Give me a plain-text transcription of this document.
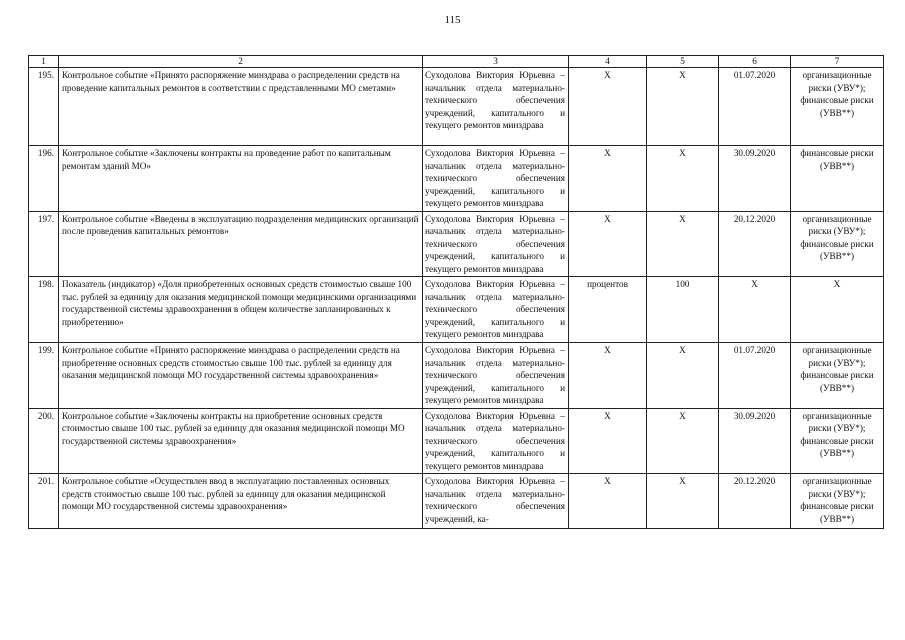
115
1	2	3	4	5	6	7
195.	Контрольное событие «Принято распоряжение минздрава о распределении средств на проведение капитальных ремонтов в соответствии с представленными МО сметами»	Суходолова Виктория Юрьевна – начальник отдела материально-технического обеспечения учреждений, капитального и текущего ремонтов минздрава	Х	Х	01.07.2020	организационные риски (УВУ*); финансовые риски (УВВ**)
196.	Контрольное событие «Заключены контракты на проведение работ по капитальным ремонтам зданий МО»	Суходолова Виктория Юрьевна – начальник отдела материально-технического обеспечения учреждений, капитального и текущего ремонтов минздрава	Х	Х	30.09.2020	финансовые риски (УВВ**)
197.	Контрольное событие «Введены в эксплуатацию подразделения медицинских организаций после проведения капитальных ремонтов»	Суходолова Виктория Юрьевна – начальник отдела материально-технического обеспечения учреждений, капитального и текущего ремонтов минздрава	Х	Х	20.12.2020	организационные риски (УВУ*); финансовые риски (УВВ**)
198.	Показатель (индикатор) «Доля приобретенных основных средств стоимостью свыше 100 тыс. рублей за единицу для оказания медицинской помощи медицинскими организациями государственной системы здравоохранения в общем количестве запланированных к приобретению»	Суходолова Виктория Юрьевна – начальник отдела материально-технического обеспечения учреждений, капитального и текущего ремонтов минздрава	процентов	100	Х	Х
199.	Контрольное событие «Принято распоряжение минздрава о распределении средств на приобретение основных средств стоимостью свыше 100 тыс. рублей за единицу для оказания медицинской помощи МО государственной системы здравоохранения»	Суходолова Виктория Юрьевна – начальник отдела материально-технического обеспечения учреждений, капитального и текущего ремонтов минздрава	Х	Х	01.07.2020	организационные риски (УВУ*); финансовые риски (УВВ**)
200.	Контрольное событие «Заключены контракты на приобретение основных средств стоимостью свыше 100 тыс. рублей за единицу для оказания медицинской помощи МО государственной системы здравоохранения»	Суходолова Виктория Юрьевна – начальник отдела материально-технического обеспечения учреждений, капитального и текущего ремонтов минздрава	Х	Х	30.09.2020	организационные риски (УВУ*); финансовые риски (УВВ**)
201.	Контрольное событие «Осуществлен ввод в эксплуатацию поставленных основных средств стоимостью свыше 100 тыс. рублей за единицу для оказания медицинской помощи МО государственной системы здравоохранения»	Суходолова Виктория Юрьевна – начальник отдела материально-технического обеспечения учреждений, ка-	Х	Х	20.12.2020	организационные риски (УВУ*); финансовые риски (УВВ**)
